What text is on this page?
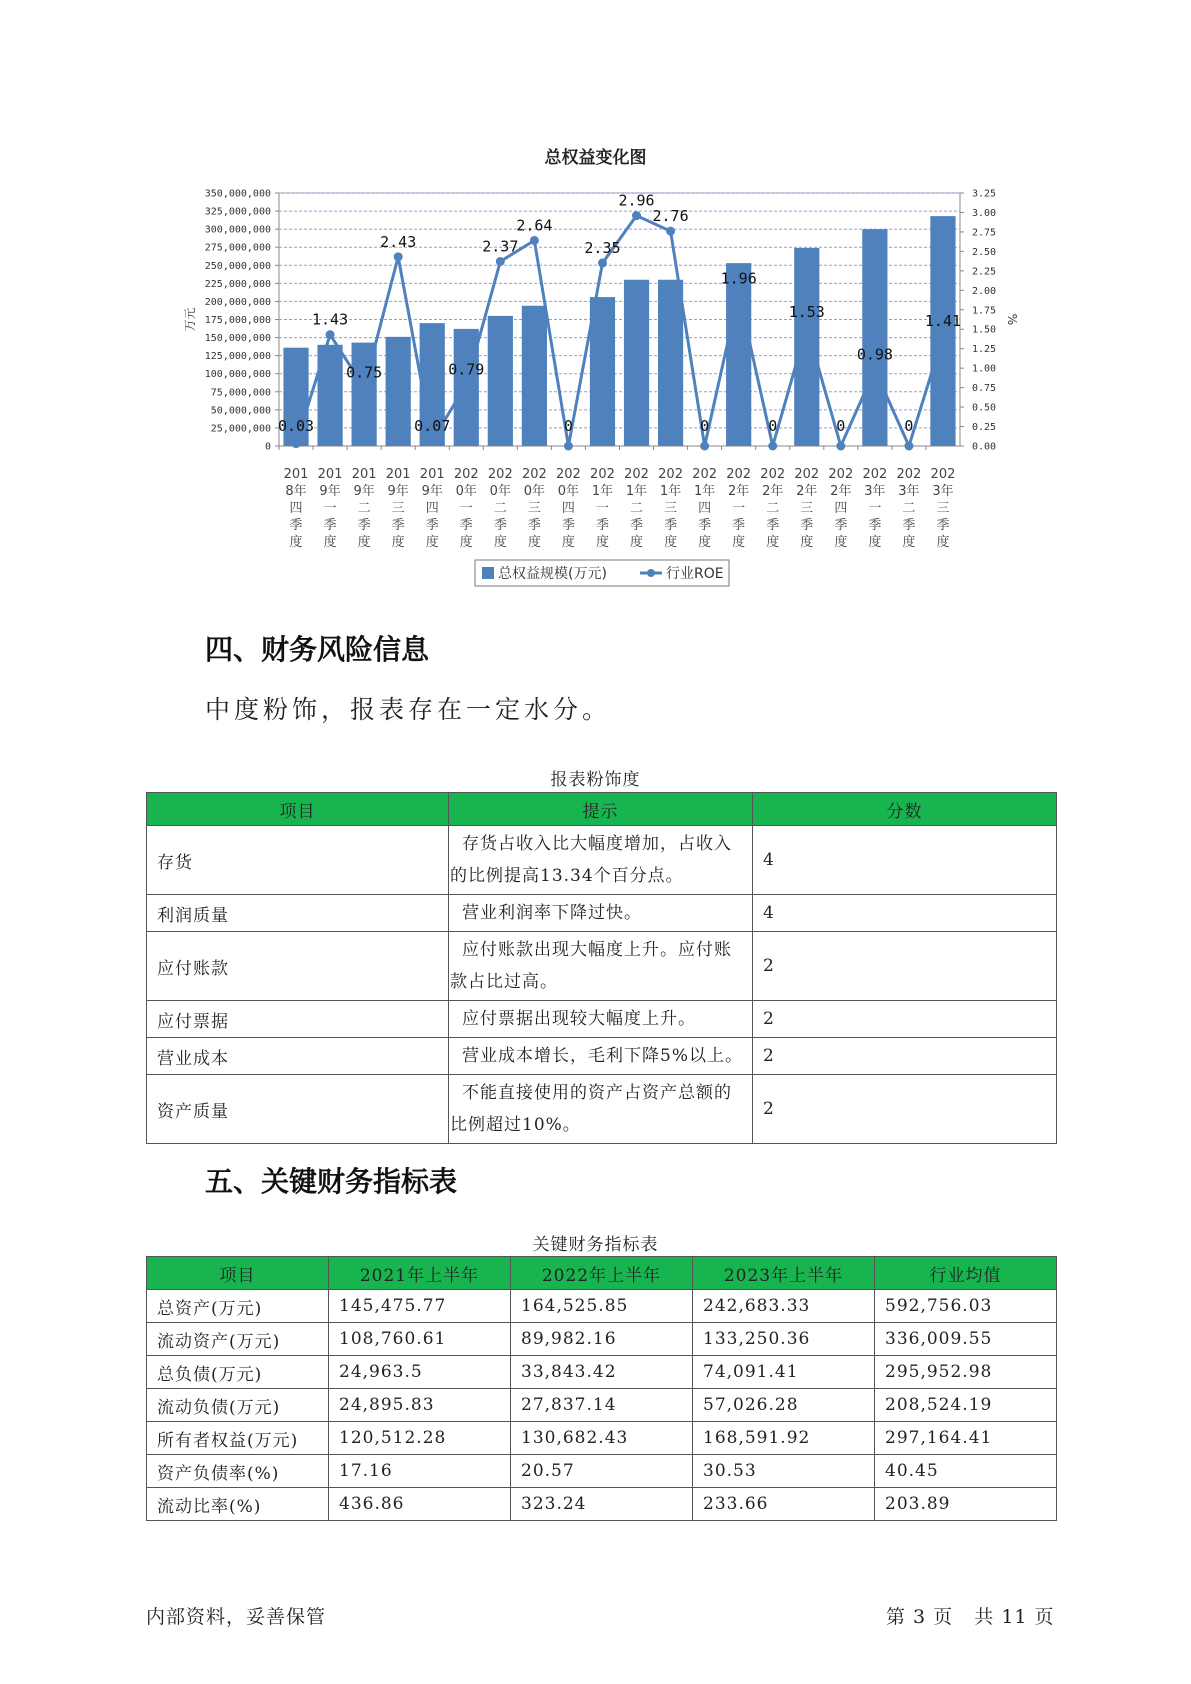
总权益变化图
0
25,000,000
50,000,000
75,000,000
100,000,000
125,000,000
150,000,000
175,000,000
200,000,000
225,000,000
250,000,000
275,000,000
300,000,000
325,000,000
350,000,000
0.00
0.25
0.50
0.75
1.00
1.25
1.50
1.75
2.00
2.25
2.50
2.75
3.00
3.25
万元	%
0.03
1.43
0.75
2.43
0.07
0.79
2.37
2.64
0
2.35
2.96
2.76
0
1.96
0
1.53
0
0.98
0
1.41
201
8年
四
季
度
201
9年
一
季
度
201
9年
二
季
度
201
9年
三
季
度
201
9年
四
季
度
202
0年
一
季
度
202
0年
二
季
度
202
0年
三
季
度
202
0年
四
季
度
202
1年
一
季
度
202
1年
二
季
度
202
1年
三
季
度
202
1年
四
季
度
202
2年
一
季
度
202
2年
二
季
度
202
2年
三
季
度
202
2年
四
季
度
202
3年
一
季
度
202
3年
二
季
度
202
3年
三
季
度
总权益规模(万元)	行业ROE
四、财务风险信息
中度粉饰，报表存在一定水分。
报表粉饰度
项目	提示	分数
存货	存货占收入比大幅度增加，占收入的比例提高13.34个百分点。	4
利润质量	营业利润率下降过快。	4
应付账款	应付账款出现大幅度上升。应付账款占比过高。	2
应付票据	应付票据出现较大幅度上升。	2
营业成本	营业成本增长，毛利下降5%以上。	2
资产质量	不能直接使用的资产占资产总额的比例超过10%。	2
五、关键财务指标表
关键财务指标表
项目	2021年上半年	2022年上半年	2023年上半年	行业均值
总资产(万元)	145,475.77	164,525.85	242,683.33	592,756.03
流动资产(万元)	108,760.61	89,982.16	133,250.36	336,009.55
总负债(万元)	24,963.5	33,843.42	74,091.41	295,952.98
流动负债(万元)	24,895.83	27,837.14	57,026.28	208,524.19
所有者权益(万元)	120,512.28	130,682.43	168,591.92	297,164.41
资产负债率(%)	17.16	20.57	30.53	40.45
流动比率(%)	436.86	323.24	233.66	203.89
内部资料，妥善保管	第 3 页   共 11 页
